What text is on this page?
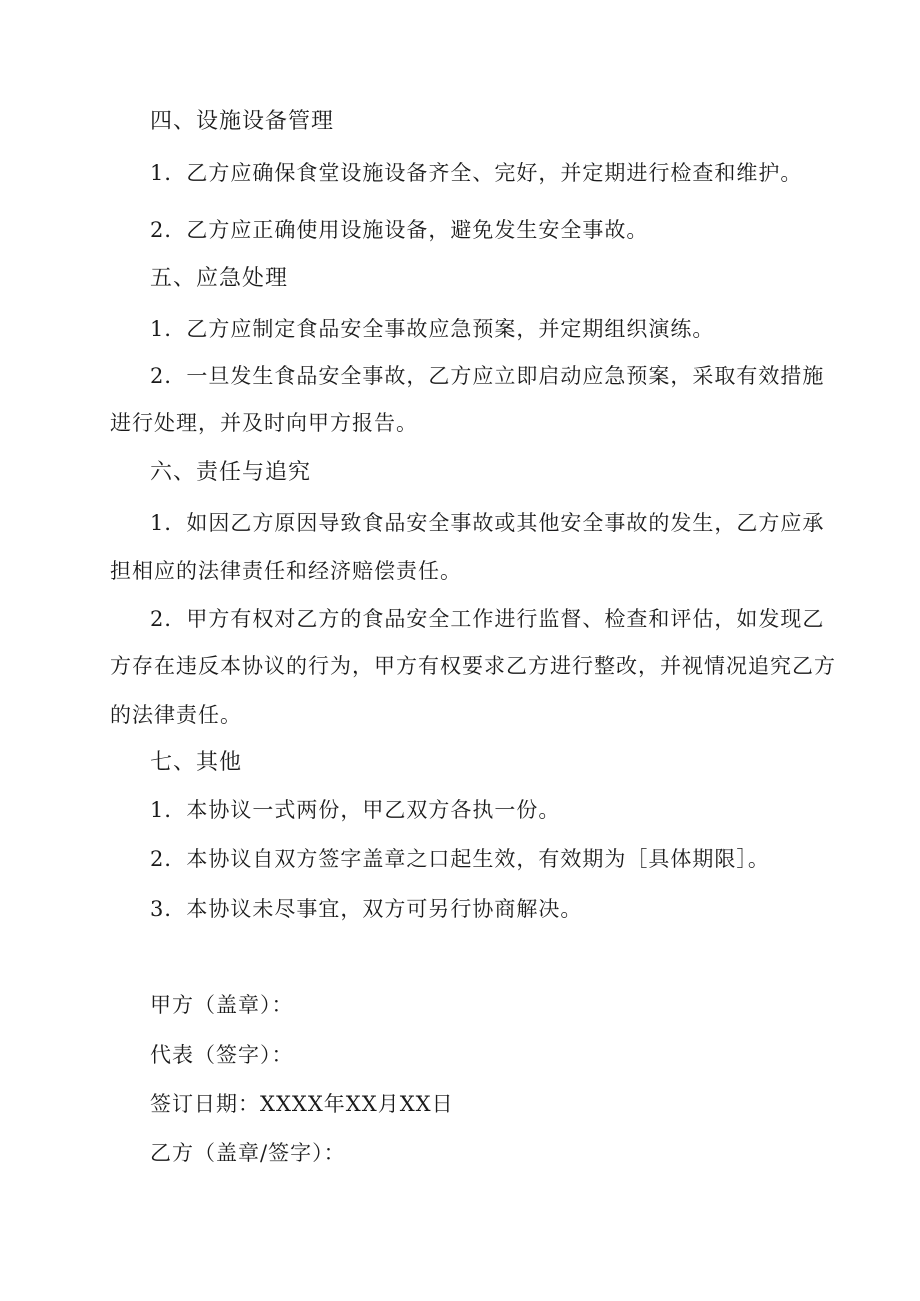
四、设施设备管理
1．乙方应确保食堂设施设备齐全、完好，并定期进行检查和维护。
2．乙方应正确使用设施设备，避免发生安全事故。
五、应急处理
1．乙方应制定食品安全事故应急预案，并定期组织演练。
2．一旦发生食品安全事故，乙方应立即启动应急预案，采取有效措施
进行处理，并及时向甲方报告。
六、责任与追究
1．如因乙方原因导致食品安全事故或其他安全事故的发生，乙方应承
担相应的法律责任和经济赔偿责任。
2．甲方有权对乙方的食品安全工作进行监督、检查和评估，如发现乙
方存在违反本协议的行为，甲方有权要求乙方进行整改，并视情况追究乙方
的法律责任。
七、其他
1．本协议一式两份，甲乙双方各执一份。
2．本协议自双方签字盖章之口起生效，有效期为［具体期限］。
3．本协议未尽事宜，双方可另行协商解决。
甲方（盖章）：
代表（签字）：
签订日期：XXXX年XX月XX日
乙方（盖章/签字）：
